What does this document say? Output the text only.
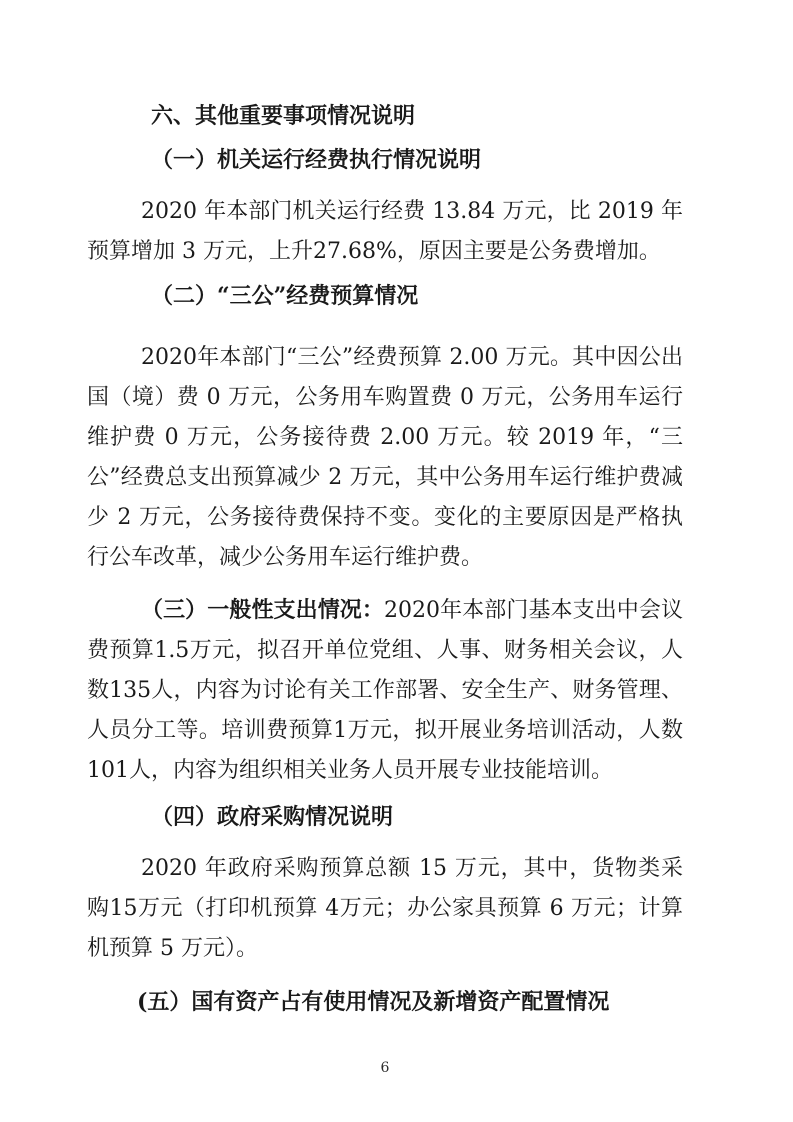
六、其他重要事项情况说明
（一）机关运行经费执行情况说明
2020 年本部门机关运行经费 13.84 万元，比 2019 年预算增加 3 万元，上升27.68%，原因主要是公务费增加。
（二）“三公”经费预算情况
2020年本部门“三公”经费预算 2.00 万元。其中因公出国（境）费 0 万元，公务用车购置费 0 万元，公务用车运行维护费 0 万元，公务接待费 2.00 万元。较 2019 年，“三公”经费总支出预算减少 2 万元，其中公务用车运行维护费减少 2 万元，公务接待费保持不变。变化的主要原因是严格执行公车改革，减少公务用车运行维护费。
（三）一般性支出情况：2020年本部门基本支出中会议费预算1.5万元，拟召开单位党组、人事、财务相关会议，人数135人，内容为讨论有关工作部署、安全生产、财务管理、人员分工等。培训费预算1万元，拟开展业务培训活动，人数101人，内容为组织相关业务人员开展专业技能培训。
（四）政府采购情况说明
2020 年政府采购预算总额 15 万元，其中，货物类采购15万元（打印机预算 4万元；办公家具预算 6 万元；计算机预算 5 万元）。
(五）国有资产占有使用情况及新增资产配置情况
6
